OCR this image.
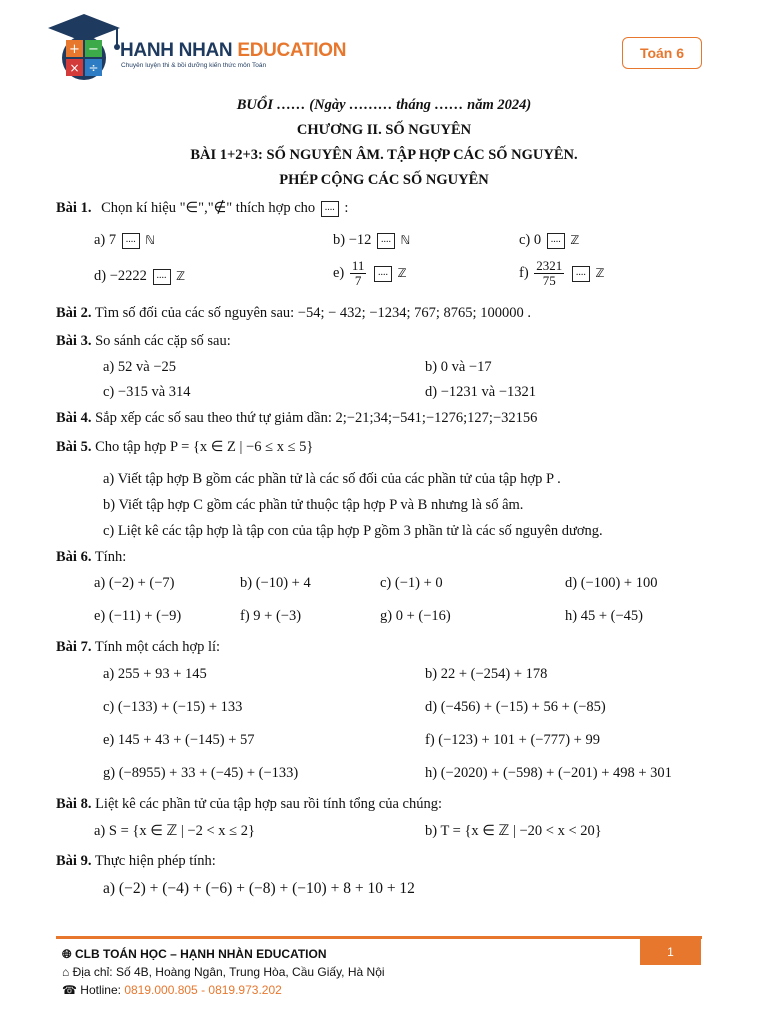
+ −
× ÷
HANH NHAN EDUCATION
Chuyên luyện thi & bồi dưỡng kiến thức môn Toán
Toán 6
BUỔI …… (Ngày ……… tháng …… năm 2024)
CHƯƠNG II. SỐ NGUYÊN
BÀI 1+2+3: SỐ NGUYÊN ÂM. TẬP HỢP CÁC SỐ NGUYÊN.
PHÉP CỘNG CÁC SỐ NGUYÊN
Bài 1. Chọn kí hiệu "∈","∉" thích hợp cho .... :
a) 7 .... ℕ	b) −12 .... ℕ	c) 0 .... ℤ
d) −2222 .... ℤ	$e) \frac{11}{7}$ .... ℤ	$f) \frac{2321}{75}$ .... ℤ
Bài 2. Tìm số đối của các số nguyên sau: −54; − 432; −1234; 767; 8765; 100000 .
Bài 3. So sánh các cặp số sau:
a) 52 và −25	b) 0 và −17
c) −315 và 314	d) −1231 và −1321
Bài 4. Sắp xếp các số sau theo thứ tự giảm dần: 2;−21;34;−541;−1276;127;−32156
Bài 5. Cho tập hợp P = {x ∈ Z | −6 ≤ x ≤ 5}
a) Viết tập hợp B gồm các phần tử là các số đối của các phần tử của tập hợp P .
b) Viết tập hợp C gồm các phần tử thuộc tập hợp P và B nhưng là số âm.
c) Liệt kê các tập hợp là tập con của tập hợp P gồm 3 phần tử là các số nguyên dương.
Bài 6. Tính:
a) (−2) + (−7)	b) (−10) + 4	c) (−1) + 0	d) (−100) + 100
e) (−11) + (−9)	f) 9 + (−3)	g) 0 + (−16)	h) 45 + (−45)
Bài 7. Tính một cách hợp lí:
a) 255 + 93 + 145	b) 22 + (−254) + 178
c) (−133) + (−15) + 133	d) (−456) + (−15) + 56 + (−85)
e) 145 + 43 + (−145) + 57	f) (−123) + 101 + (−777) + 99
g) (−8955) + 33 + (−45) + (−133)	h) (−2020) + (−598) + (−201) + 498 + 301
Bài 8. Liệt kê các phần tử của tập hợp sau rồi tính tổng của chúng:
a) S = {x ∈ ℤ | −2 < x ≤ 2}	b) T = {x ∈ ℤ | −20 < x < 20}
Bài 9. Thực hiện phép tính:
a) (−2) + (−4) + (−6) + (−8) + (−10) + 8 + 10 + 12
1
🌐︎ CLB TOÁN HỌC – HẠNH NHÀN EDUCATION
⌂ Địa chỉ: Số 4B, Hoàng Ngân, Trung Hòa, Cầu Giấy, Hà Nội
☎ Hotline: 0819.000.805 - 0819.973.202
